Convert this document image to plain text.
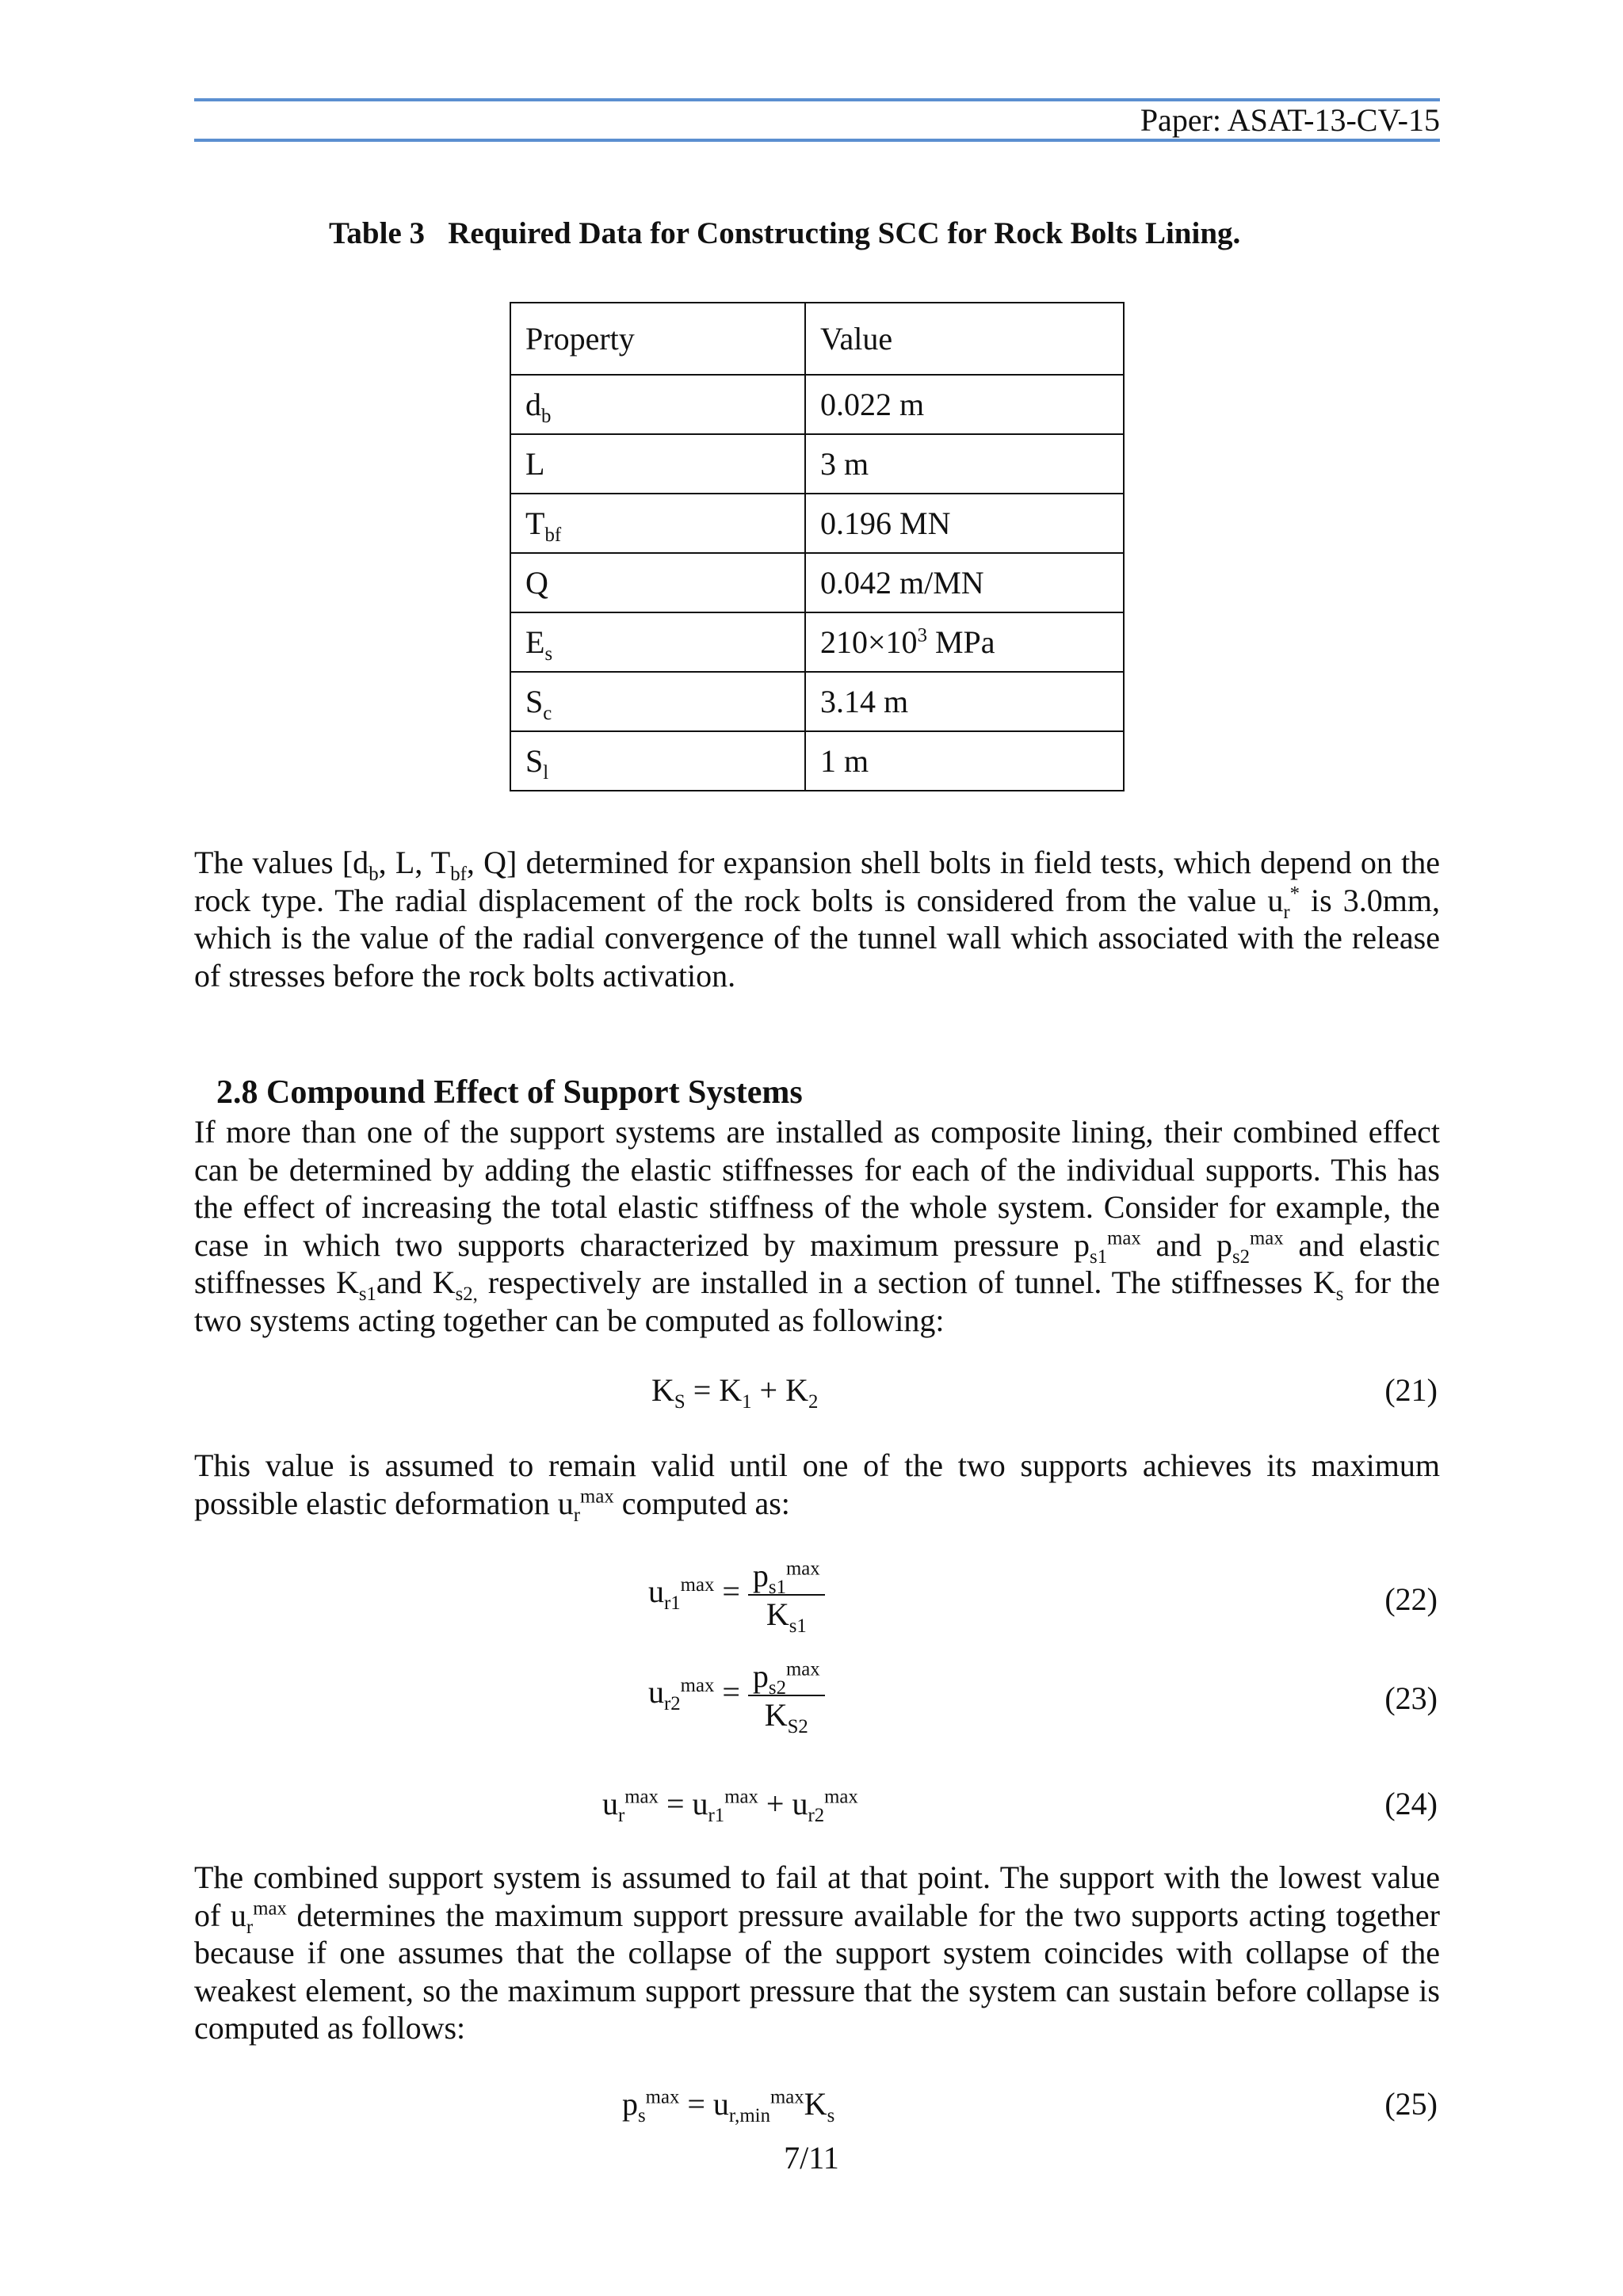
Paper: ASAT-13-CV-15
Table 3   Required Data for Constructing SCC for Rock Bolts Lining.
Property	Value
$d_b$	0.022 m
L	3 m
$T_{bf}$	0.196 MN
Q	0.042 m/MN
$E_s$	$210\times 10^3$ MPa
$S_c$	3.14 m
$S_l$	1 m
The values [$d_b$, L, $T_{bf}$, Q] determined for expansion shell bolts in field tests, which depend on the rock type. The radial displacement of the rock bolts is considered from the value $u_r^*$ is 3.0mm, which is the value of the radial convergence of the tunnel wall which associated with the release of stresses before the rock bolts activation.
2.8 Compound Effect of Support Systems
If more than one of the support systems are installed as composite lining, their combined effect can be determined by adding the elastic stiffnesses for each of the individual supports. This has the effect of increasing the total elastic stiffness of the whole system. Consider for example, the case in which two supports characterized by maximum pressure $p_{s1}^{max}$ and $p_{s2}^{max}$ and elastic stiffnesses $K_{s1}and$ $K_{s2,}$ respectively are installed in a section of tunnel. The stiffnesses $K_s$ for the two systems acting together can be computed as following:
$K_S = K_1 + K_2$	(21)
This value is assumed to remain valid until one of the two supports achieves its maximum possible elastic deformation $u_r^{max}$ computed as:
$u_{r1}^{max} = \frac{p_{s1}^{max}}{K_{s1}}$	(22)
$u_{r2}^{max} = \frac{p_{s2}^{max}}{K_{S2}}$	(23)
$u_r^{max} = u_{r1}^{max} + u_{r2}^{max}$	(24)
The combined support system is assumed to fail at that point. The support with the lowest value of $u_r^{max}$ determines the maximum support pressure available for the two supports acting together because if one assumes that the collapse of the support system coincides with collapse of the weakest element, so the maximum support pressure that the system can sustain before collapse is computed as follows:
$p_s^{max} = u_{r,min}^{max}K_s$	(25)
7/11
